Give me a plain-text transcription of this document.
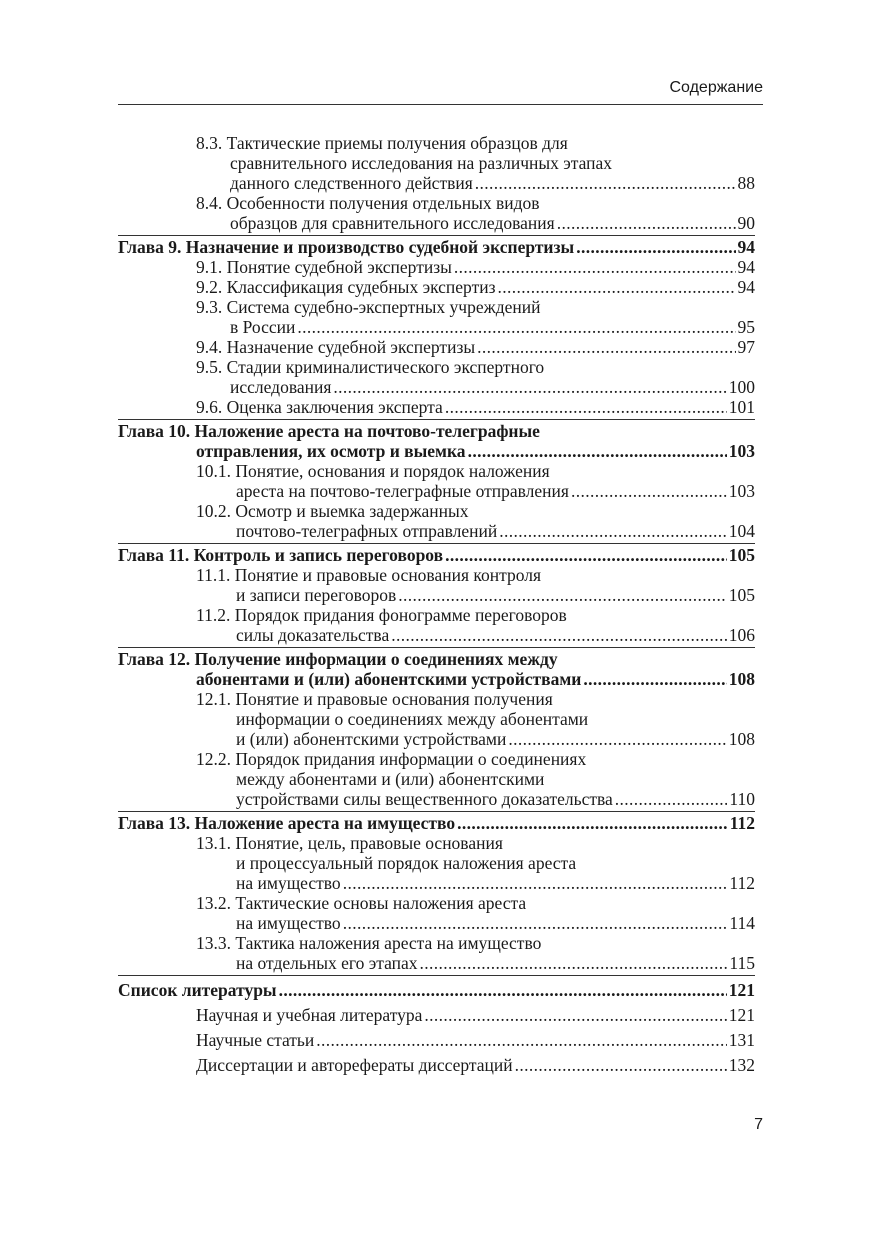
Содержание
8.3. Тактические приемы получения образцов для
сравнительного исследования на различных этапах
данного следственного действия . . .	88
8.4. Особенности получения отдельных видов
образцов для сравнительного исследования . . .	90
Глава 9. Назначение и производство судебной экспертизы . . .	94
9.1. Понятие судебной экспертизы . . .	94
9.2. Классификация судебных экспертиз . . .	94
9.3. Система судебно-экспертных учреждений
в России . . .	95
9.4. Назначение судебной экспертизы . . .	97
9.5. Стадии криминалистического экспертного
исследования . . .	100
9.6. Оценка заключения эксперта . . .	101
Глава 10. Наложение ареста на почтово-телеграфные
отправления, их осмотр и выемка . . .	103
10.1. Понятие, основания и порядок наложения
ареста на почтово-телеграфные отправления . . .	103
10.2. Осмотр и выемка задержанных
почтово-телеграфных отправлений . . .	104
Глава 11. Контроль и запись переговоров . . .	105
11.1. Понятие и правовые основания контроля
и записи переговоров . . .	105
11.2. Порядок придания фонограмме переговоров
силы доказательства . . .	106
Глава 12. Получение информации о соединениях между
абонентами и (или) абонентскими устройствами . . .	108
12.1. Понятие и правовые основания получения
информации о соединениях между абонентами
и (или) абонентскими устройствами . . .	108
12.2. Порядок придания информации о соединениях
между абонентами и (или) абонентскими
устройствами силы вещественного доказательства . . .	110
Глава 13. Наложение ареста на имущество . . .	112
13.1. Понятие, цель, правовые основания
и процессуальный порядок наложения ареста
на имущество . . .	112
13.2. Тактические основы наложения ареста
на имущество . . .	114
13.3. Тактика наложения ареста на имущество
на отдельных его этапах . . .	115
Список литературы . . .	121
Научная и учебная литература . . .	121
Научные статьи . . .	131
Диссертации и авторефераты диссертаций . . .	132
7
